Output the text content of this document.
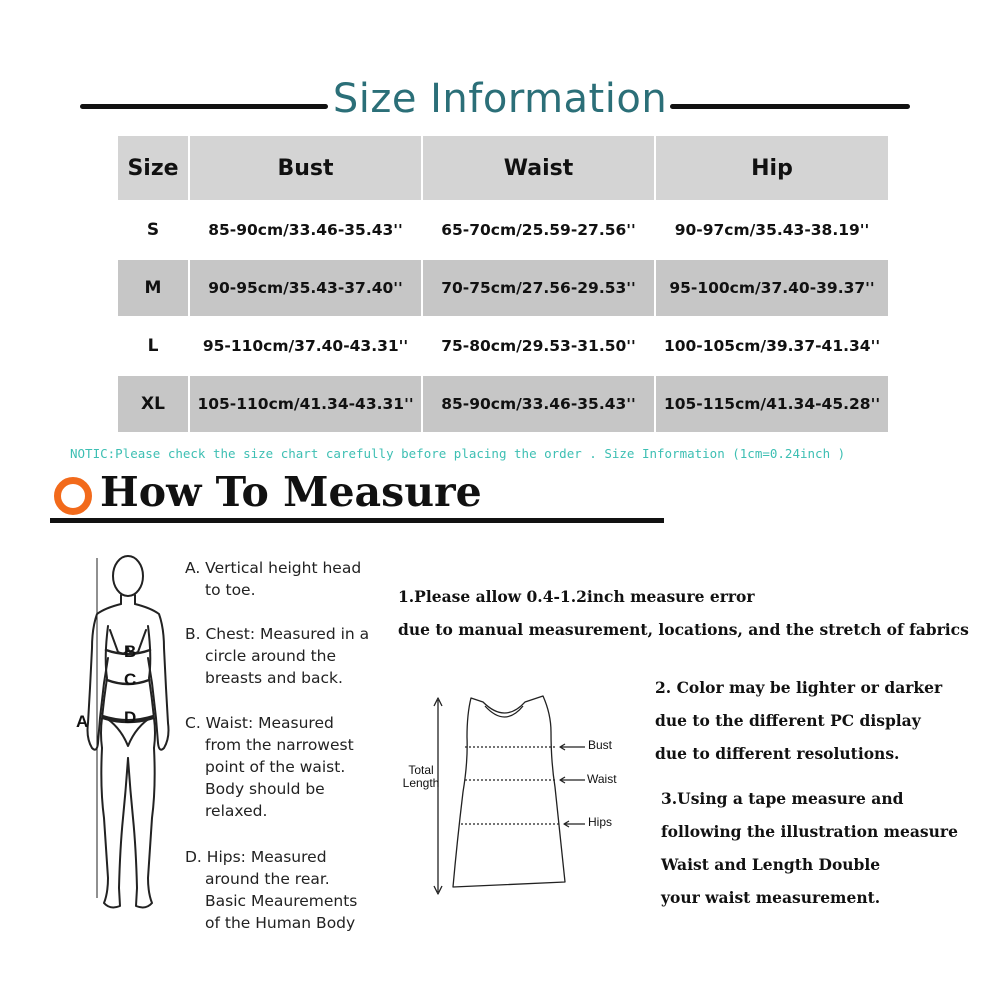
Size Information
Size	Bust	Waist	Hip
S	85-90cm/33.46-35.43''	65-70cm/25.59-27.56''	90-97cm/35.43-38.19''
M	90-95cm/35.43-37.40''	70-75cm/27.56-29.53''	95-100cm/37.40-39.37''
L	95-110cm/37.40-43.31''	75-80cm/29.53-31.50''	100-105cm/39.37-41.34''
XL	105-110cm/41.34-43.31''	85-90cm/33.46-35.43''	105-115cm/41.34-45.28''
NOTIC:Please check the size chart carefully before placing the order . Size Information (1cm=0.24inch )
How To Measure
A
B
C
D
A. Vertical height head
to toe.
B. Chest: Measured in a
circle around the
breasts and back.
C. Waist: Measured
from the narrowest
point of the waist.
Body should be
relaxed.
D. Hips: Measured
around the rear.
Basic Meaurements
of the Human Body
1.Please allow 0.4-1.2inch measure error
due to manual measurement, locations, and the stretch of fabrics
Total
Length
Bust
Waist
Hips
2. Color may be lighter or darker
due to the different PC display
due to different resolutions.
3.Using a tape measure and
following the illustration measure
Waist and Length Double
your waist measurement.
